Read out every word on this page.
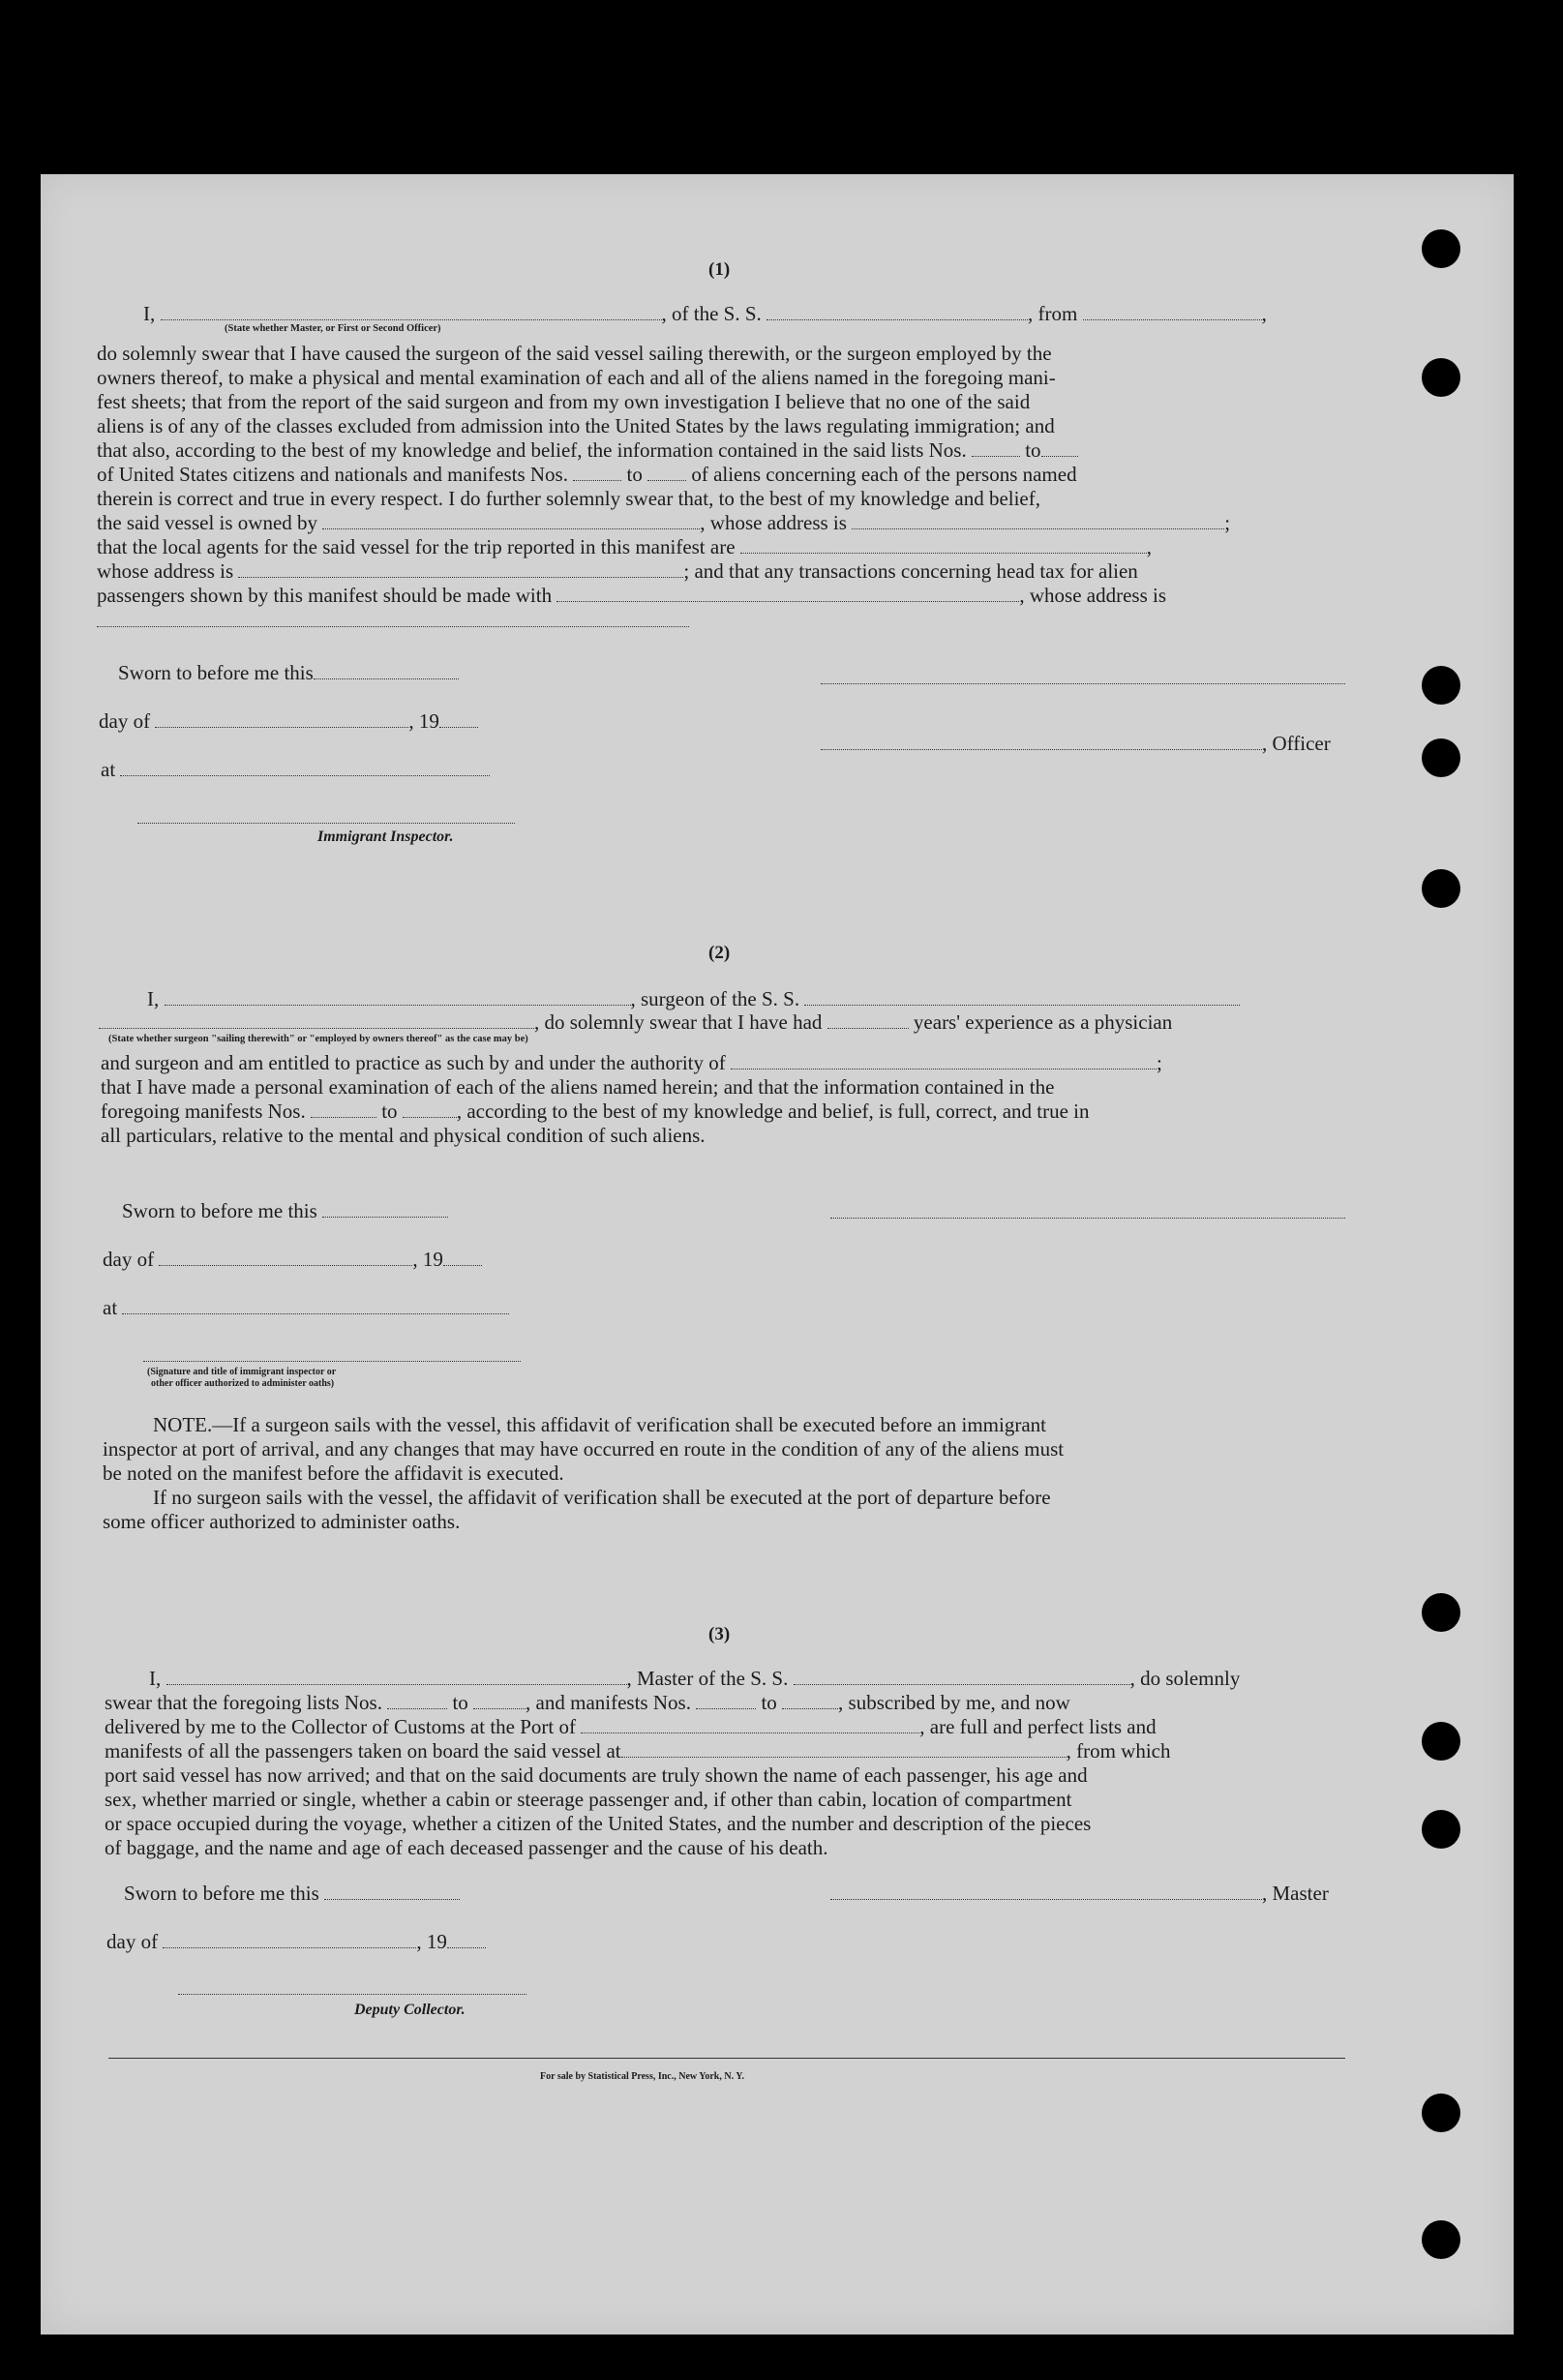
(1)
I,	, of the S. S.	, from	,
(State whether Master, or First or Second Officer)
do solemnly swear that I have caused the surgeon of the said vessel sailing therewith, or the surgeon employed by the
owners thereof, to make a physical and mental examination of each and all of the aliens named in the foregoing mani-
fest sheets; that from the report of the said surgeon and from my own investigation I believe that no one of the said
aliens is of any of the classes excluded from admission into the United States by the laws regulating immigration; and
that also, according to the best of my knowledge and belief, the information contained in the said lists Nos.	to
of United States citizens and nationals and manifests Nos.	to of aliens concerning each of the persons named
therein is correct and true in every respect. I do further solemnly swear that, to the best of my knowledge and belief,
the said vessel is owned by	, whose address is	;
that the local agents for the said vessel for the trip reported in this manifest are	,
whose address is	; and that any transactions concerning head tax for alien
passengers shown by this manifest should be made with	, whose address is
Sworn to before me this
day of	, 19
at
Immigrant Inspector.
, Officer
(2)
I,	, surgeon of the S. S.
, do solemnly swear that I have had	years' experience as a physician
(State whether surgeon "sailing therewith" or "employed by owners thereof" as the case may be)
and surgeon and am entitled to practice as such by and under the authority of	;
that I have made a personal examination of each of the aliens named herein; and that the information contained in the
foregoing manifests Nos.	to	, according to the best of my knowledge and belief, is full, correct, and true in
all particulars, relative to the mental and physical condition of such aliens.
Sworn to before me this
day of	, 19
at
(Signature and title of immigrant inspector or
other officer authorized to administer oaths)
NOTE.—If a surgeon sails with the vessel, this affidavit of verification shall be executed before an immigrant
inspector at port of arrival, and any changes that may have occurred en route in the condition of any of the aliens must
be noted on the manifest before the affidavit is executed.
If no surgeon sails with the vessel, the affidavit of verification shall be executed at the port of departure before
some officer authorized to administer oaths.
(3)
I,	, Master of the S. S.	, do solemnly
swear that the foregoing lists Nos.	to	, and manifests Nos.	to	, subscribed by me, and now
delivered by me to the Collector of Customs at the Port of	, are full and perfect lists and
manifests of all the passengers taken on board the said vessel at	, from which
port said vessel has now arrived; and that on the said documents are truly shown the name of each passenger, his age and
sex, whether married or single, whether a cabin or steerage passenger and, if other than cabin, location of compartment
or space occupied during the voyage, whether a citizen of the United States, and the number and description of the pieces
of baggage, and the name and age of each deceased passenger and the cause of his death.
Sworn to before me this
day of	, 19
, Master
Deputy Collector.
For sale by Statistical Press, Inc., New York, N. Y.
